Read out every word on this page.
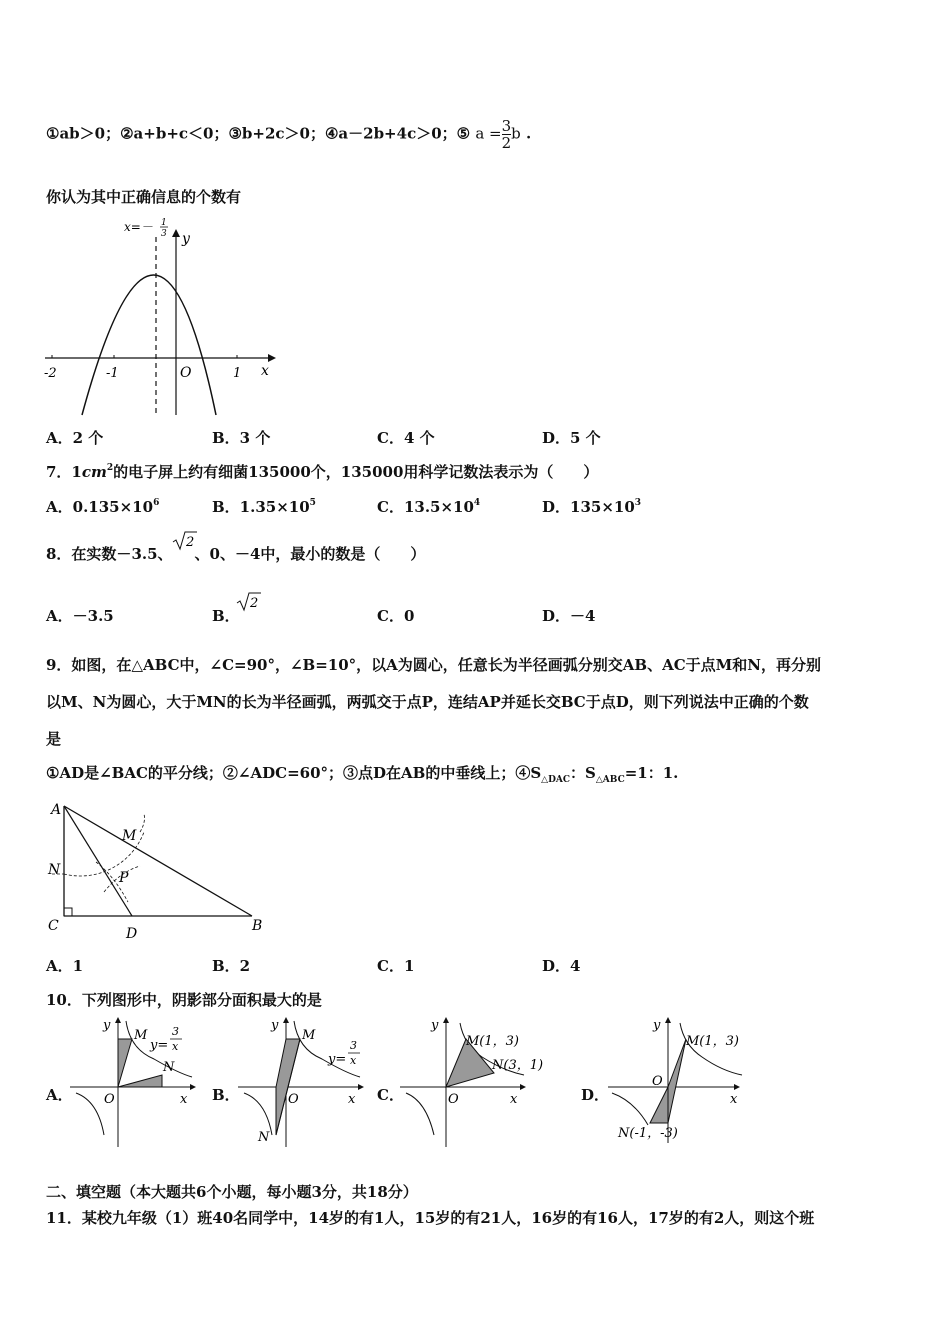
①ab＞0；②a+b+c＜0；③b+2c＞0；④a－2b+4c＞0；⑤ $a = \frac{3}{2}$ b .
你认为其中正确信息的个数有
x=－ 1
3 y
x
O
-2	-1	1
A．2 个	B．3 个	C．4 个	D．5 个
7．$1cm^2$的电子屏上约有细菌135000个，135000用科学记数法表示为（　　）
A．$0.135\times 10^6$	B．$1.35\times 10^5$	C．$13.5\times 10^4$	D．$135\times 10^3$
8．在实数－3.5、 、0、－4中，最小的数是（　　）
2
A．－3.5	B．
2
C．0	D．－4
9．如图，在△ABC中，∠C=90°，∠B=10°，以A为圆心，任意长为半径画弧分别交AB、AC于点M和N，再分别
以M、N为圆心，大于MN的长为半径画弧，两弧交于点P，连结AP并延长交BC于点D，则下列说法中正确的个数
是
①AD是∠BAC的平分线；②∠ADC=60°；③点D在AB的中垂线上；$④S_{\triangle DAC}$：$S_{\triangle ABC}=1$：1.
A
B
C	D
M
N	P
A．1	B．2	C．1	D．4
10．下列图形中，阴影部分面积最大的是
A．
y
x
O
M
N
y=
3
x
B．
y
x
O
M
N
y=
3
x
C．
y
x
O
M(1，3)
N(3，1)
D．
y
x
O
M(1，3)
N(-1，-3)
二、填空题（本大题共6个小题，每小题3分，共18分）
11．某校九年级（1）班40名同学中，14岁的有1人，15岁的有21人，16岁的有16人，17岁的有2人，则这个班
